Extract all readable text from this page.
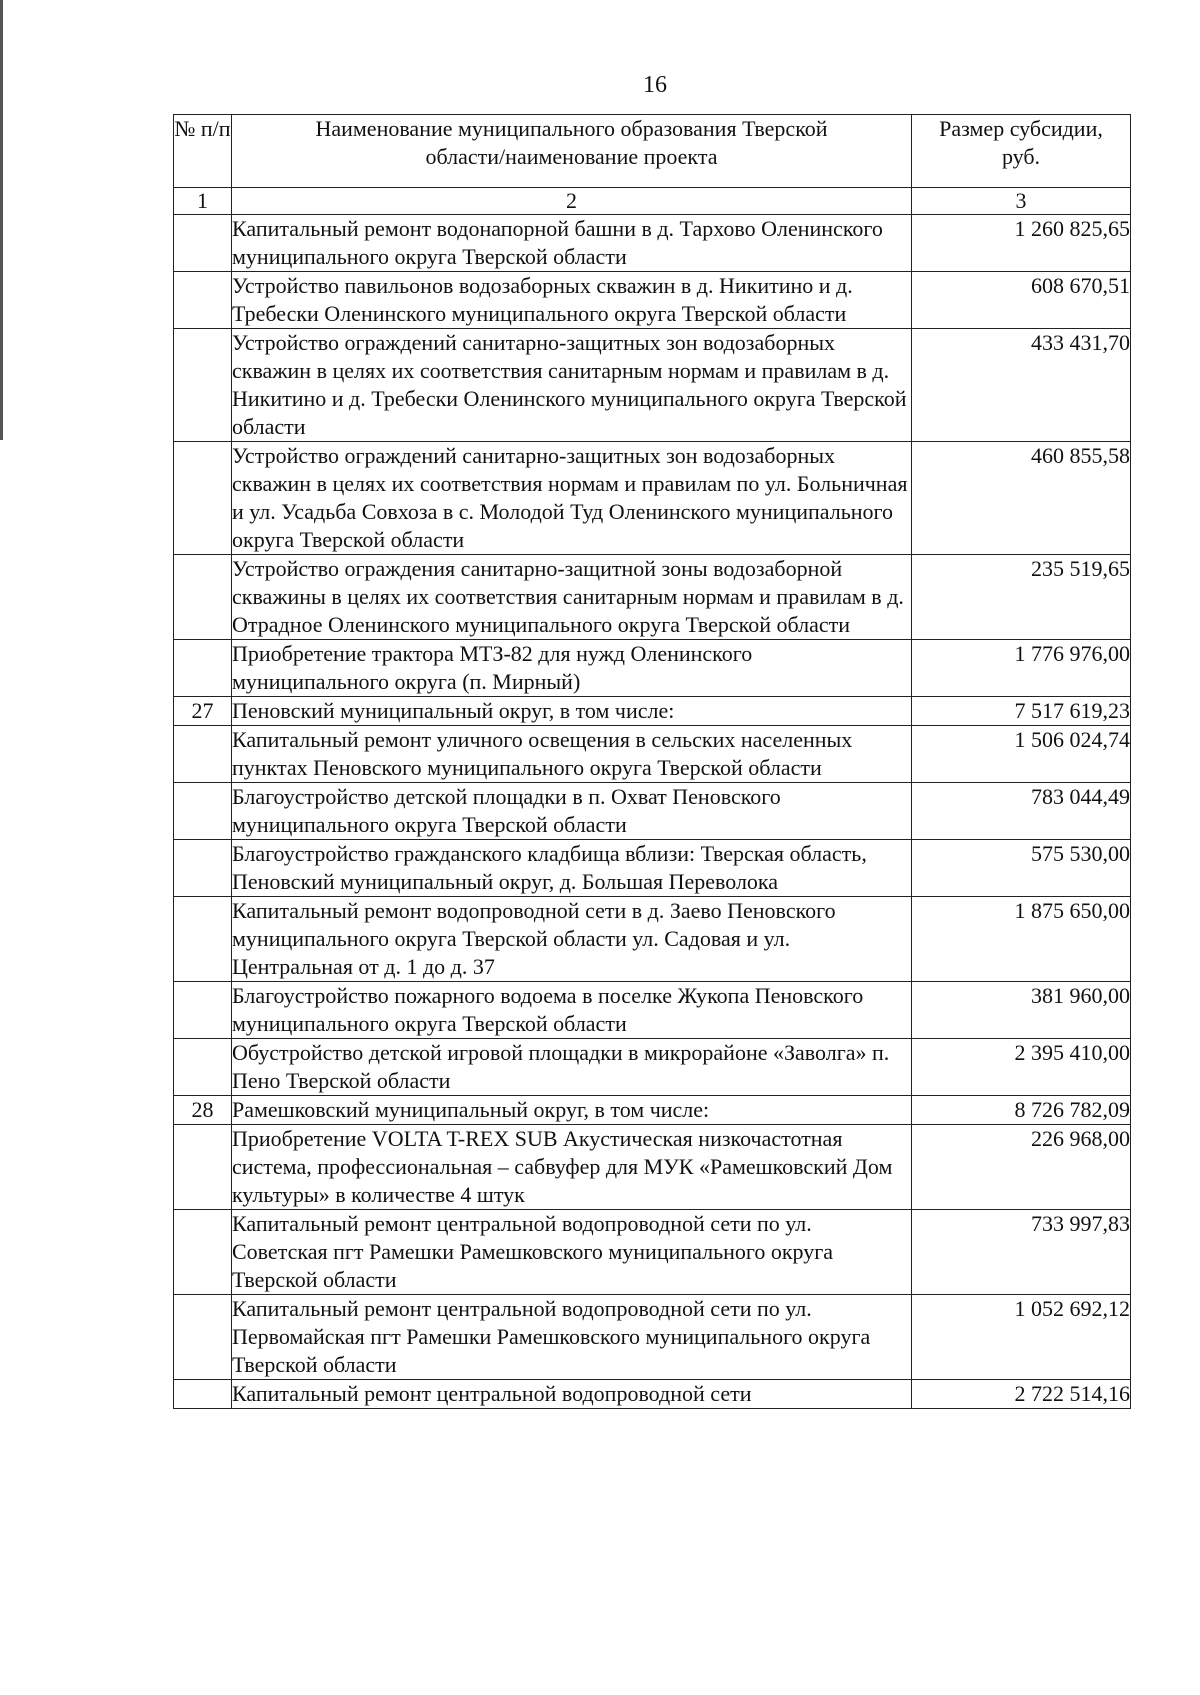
16
№ п/п	Наименование муниципального образования Тверской области/наименование проекта	Размер субсидии, руб.
1	2	3
	Капитальный ремонт водонапорной башни в д. Тархово Оленинского муниципального округа Тверской области	1 260 825,65
	Устройство павильонов водозаборных скважин в д. Никитино и д. Требески Оленинского муниципального округа Тверской области	608 670,51
	Устройство ограждений санитарно-защитных зон водозаборных скважин в целях их соответствия санитарным нормам и правилам в д. Никитино и д. Требески Оленинского муниципального округа Тверской области	433 431,70
	Устройство ограждений санитарно-защитных зон водозаборных скважин в целях их соответствия нормам и правилам по ул. Больничная и ул. Усадьба Совхоза в с. Молодой Туд Оленинского муниципального округа Тверской области	460 855,58
	Устройство ограждения санитарно-защитной зоны водозаборной скважины в целях их соответствия санитарным нормам и правилам в д. Отрадное Оленинского муниципального округа Тверской области	235 519,65
	Приобретение трактора МТЗ-82 для нужд Оленинского муниципального округа (п. Мирный)	1 776 976,00
27	Пеновский муниципальный округ, в том числе:	7 517 619,23
	Капитальный ремонт уличного освещения в сельских населенных пунктах Пеновского муниципального округа Тверской области	1 506 024,74
	Благоустройство детской площадки в п. Охват Пеновского муниципального округа Тверской области	783 044,49
	Благоустройство гражданского кладбища вблизи: Тверская область, Пеновский муниципальный округ, д. Большая Переволока	575 530,00
	Капитальный ремонт водопроводной сети в д. Заево Пеновского муниципального округа Тверской области ул. Садовая и ул. Центральная от д. 1 до д. 37	1 875 650,00
	Благоустройство пожарного водоема в поселке Жукопа Пеновского муниципального округа Тверской области	381 960,00
	Обустройство детской игровой площадки в микрорайоне «Заволга» п. Пено Тверской области	2 395 410,00
28	Рамешковский муниципальный округ, в том числе:	8 726 782,09
	Приобретение VOLTA T-REX SUB Акустическая низкочастотная система, профессиональная – сабвуфер для МУК «Рамешковский Дом культуры» в количестве 4 штук	226 968,00
	Капитальный ремонт центральной водопроводной сети по ул. Советская пгт Рамешки Рамешковского муниципального округа Тверской области	733 997,83
	Капитальный ремонт центральной водопроводной сети по ул. Первомайская пгт Рамешки Рамешковского муниципального округа Тверской области	1 052 692,12
	Капитальный ремонт центральной водопроводной сети	2 722 514,16
